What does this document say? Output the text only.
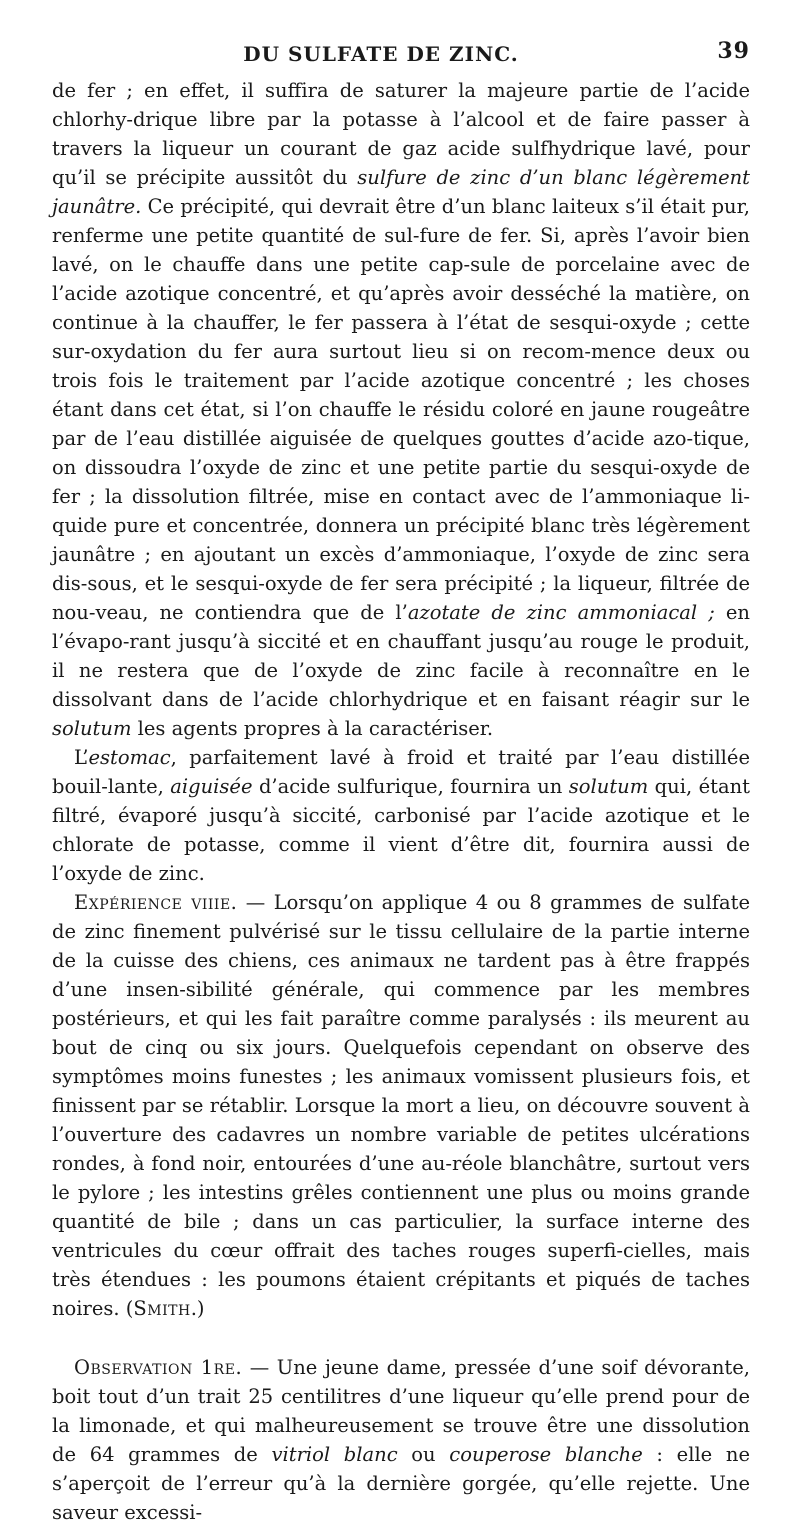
DU SULFATE DE ZINC.	39

de fer ; en effet, il suffira de saturer la majeure partie de l’acide chlorhy-drique libre par la potasse à l’alcool et de faire passer à travers la liqueur un courant de gaz acide sulfhydrique lavé, pour qu’il se précipite aussitôt du sulfure de zinc d’un blanc légèrement jaunâtre. Ce précipité, qui devrait être d’un blanc laiteux s’il était pur, renferme une petite quantité de sul-fure de fer. Si, après l’avoir bien lavé, on le chauffe dans une petite cap-sule de porcelaine avec de l’acide azotique concentré, et qu’après avoir desséché la matière, on continue à la chauffer, le fer passera à l’état de sesqui-oxyde ; cette sur-oxydation du fer aura surtout lieu si on recom-mence deux ou trois fois le traitement par l’acide azotique concentré ; les choses étant dans cet état, si l’on chauffe le résidu coloré en jaune rougeâtre par de l’eau distillée aiguisée de quelques gouttes d’acide azo-tique, on dissoudra l’oxyde de zinc et une petite partie du sesqui-oxyde de fer ; la dissolution filtrée, mise en contact avec de l’ammoniaque li-quide pure et concentrée, donnera un précipité blanc très légèrement jaunâtre ; en ajoutant un excès d’ammoniaque, l’oxyde de zinc sera dis-sous, et le sesqui-oxyde de fer sera précipité ; la liqueur, filtrée de nou-veau, ne contiendra que de l’azotate de zinc ammoniacal ; en l’évapo-rant jusqu’à siccité et en chauffant jusqu’au rouge le produit, il ne restera que de l’oxyde de zinc facile à reconnaître en le dissolvant dans de l’acide chlorhydrique et en faisant réagir sur le solutum les agents propres à la caractériser.

L’estomac, parfaitement lavé à froid et traité par l’eau distillée bouil-lante, aiguisée d’acide sulfurique, fournira un solutum qui, étant filtré, évaporé jusqu’à siccité, carbonisé par l’acide azotique et le chlorate de potasse, comme il vient d’être dit, fournira aussi de l’oxyde de zinc.

Expérience viiie. — Lorsqu’on applique 4 ou 8 grammes de sulfate de zinc finement pulvérisé sur le tissu cellulaire de la partie interne de la cuisse des chiens, ces animaux ne tardent pas à être frappés d’une insen-sibilité générale, qui commence par les membres postérieurs, et qui les fait paraître comme paralysés : ils meurent au bout de cinq ou six jours. Quelquefois cependant on observe des symptômes moins funestes ; les animaux vomissent plusieurs fois, et finissent par se rétablir. Lorsque la mort a lieu, on découvre souvent à l’ouverture des cadavres un nombre variable de petites ulcérations rondes, à fond noir, entourées d’une au-réole blanchâtre, surtout vers le pylore ; les intestins grêles contiennent une plus ou moins grande quantité de bile ; dans un cas particulier, la surface interne des ventricules du cœur offrait des taches rouges superfi-cielles, mais très étendues : les poumons étaient crépitants et piqués de taches noires. (Smith.)

Observation 1re. — Une jeune dame, pressée d’une soif dévorante, boit tout d’un trait 25 centilitres d’une liqueur qu’elle prend pour de la limonade, et qui malheureusement se trouve être une dissolution de 64 grammes de vitriol blanc ou couperose blanche : elle ne s’aperçoit de l’erreur qu’à la dernière gorgée, qu’elle rejette. Une saveur excessi-
